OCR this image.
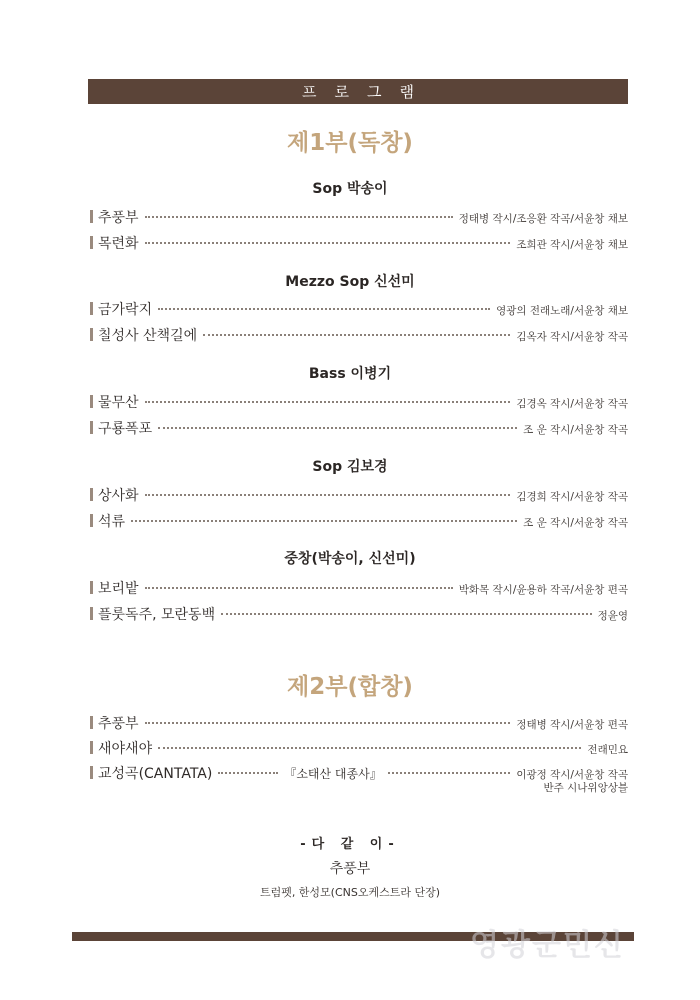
프로그램
제1부(독창)
Sop 박송이
추풍부	정태병 작시/조응환 작곡/서윤창 채보
목련화	조희관 작시/서윤창 채보
Mezzo Sop 신선미
금가락지	영광의 전래노래/서윤창 채보
칠성사 산책길에	김옥자 작시/서윤창 작곡
Bass 이병기
물무산	김경옥 작시/서윤창 작곡
구룡폭포	조 운 작시/서윤창 작곡
Sop 김보경
상사화	김경희 작시/서윤창 작곡
석류	조 운 작시/서윤창 작곡
중창(박송이, 신선미)
보리밭	박화목 작시/윤용하 작곡/서윤창 편곡
플룻독주, 모란동백	정윤영
제2부(합창)
추풍부	정태병 작시/서윤창 편곡
새야새야	전래민요
교성곡(CANTATA)	『소태산 대종사』	이광정 작시/서윤창 작곡
반주 시나위앙상블
-다 같 이-
추풍부
트럼펫, 한성모(CNS오케스트라 단장)
영광군민신
